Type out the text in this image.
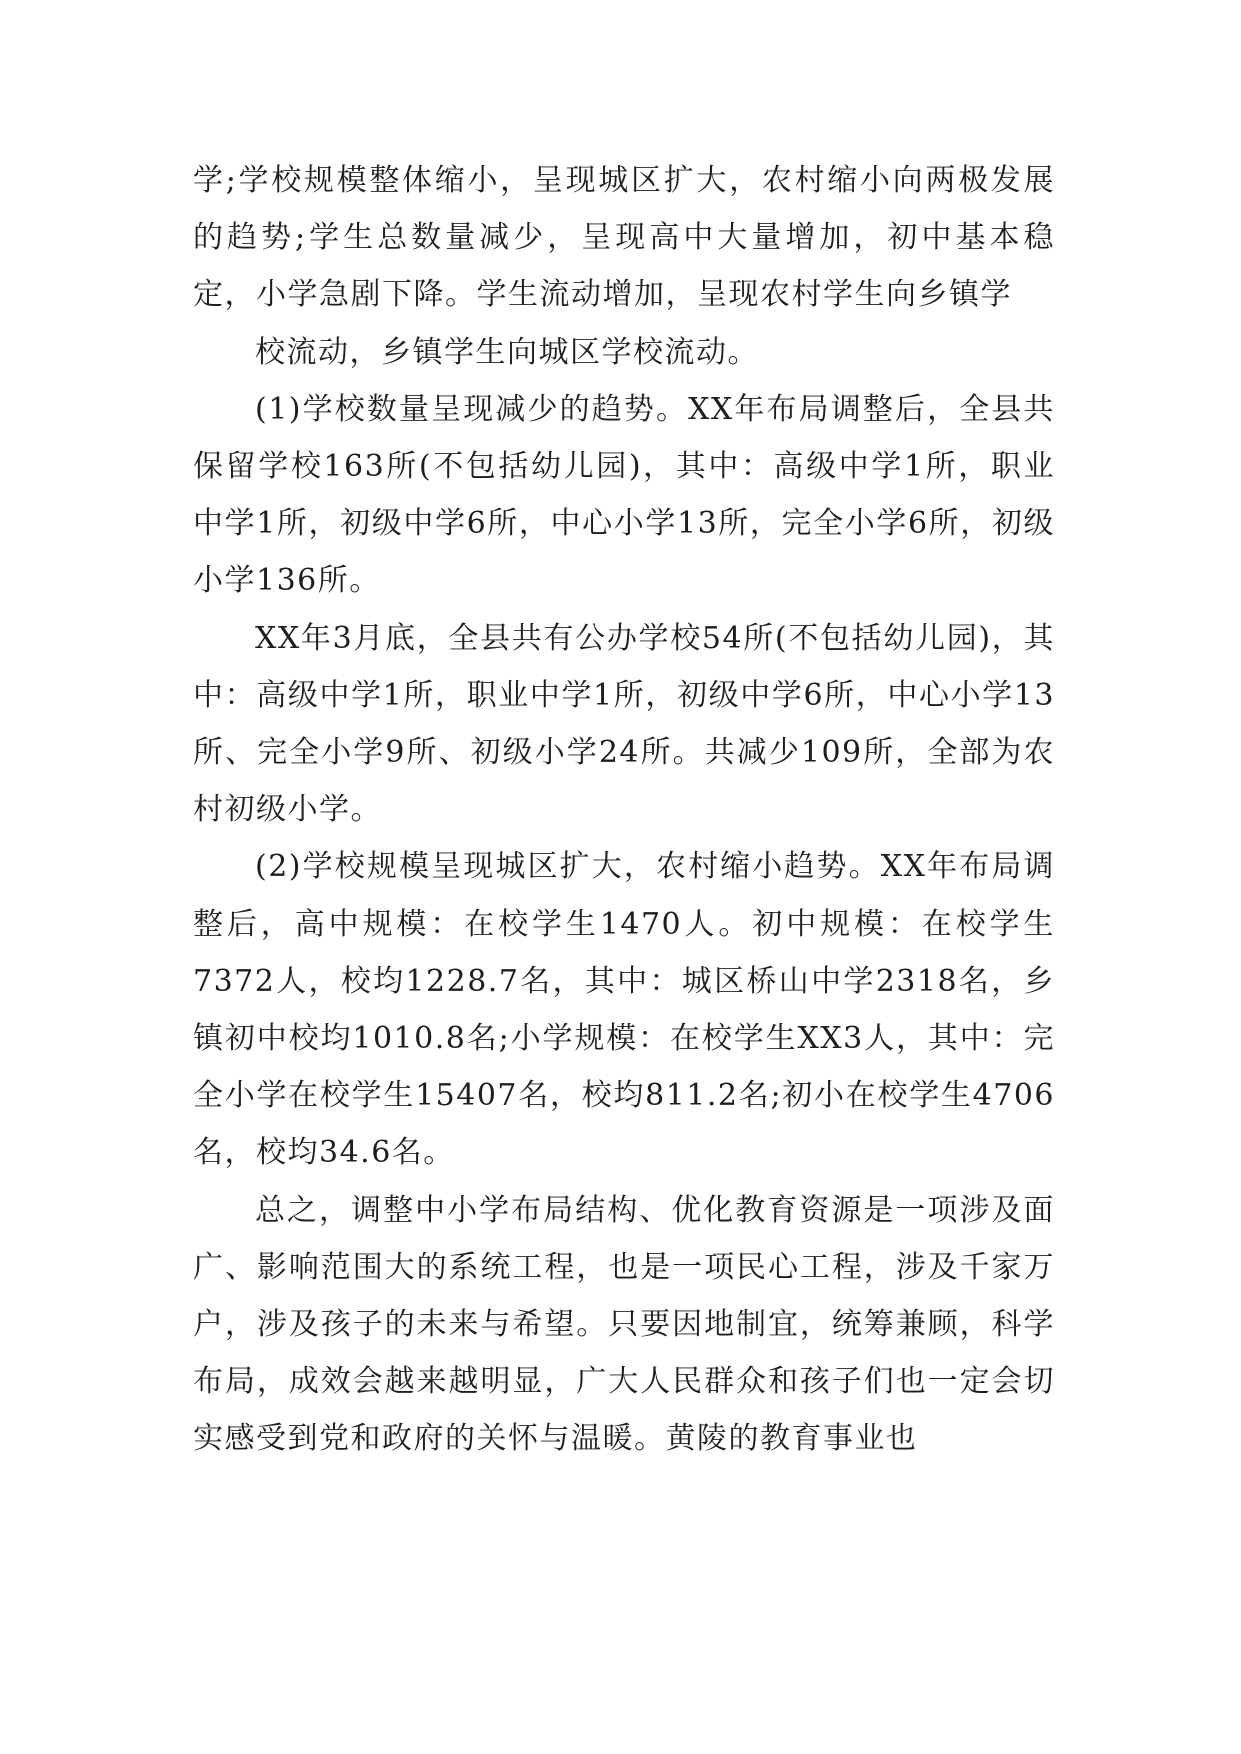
学;学校规模整体缩小，呈现城区扩大，农村缩小向两极发展的趋势;学生总数量减少，呈现高中大量增加，初中基本稳定，小学急剧下降。学生流动增加，呈现农村学生向乡镇学

校流动，乡镇学生向城区学校流动。

(1)学校数量呈现减少的趋势。XX年布局调整后，全县共保留学校163所(不包括幼儿园)，其中：高级中学1所，职业中学1所，初级中学6所，中心小学13所，完全小学6所，初级小学136所。

XX年3月底，全县共有公办学校54所(不包括幼儿园)，其中：高级中学1所，职业中学1所，初级中学6所，中心小学13所、完全小学9所、初级小学24所。共减少109所，全部为农村初级小学。

(2)学校规模呈现城区扩大，农村缩小趋势。XX年布局调整后，高中规模：在校学生1470人。初中规模：在校学生7372人，校均1228.7名，其中：城区桥山中学2318名，乡镇初中校均1010.8名;小学规模：在校学生XX3人，其中：完全小学在校学生15407名，校均811.2名;初小在校学生4706名，校均34.6名。

总之，调整中小学布局结构、优化教育资源是一项涉及面广、影响范围大的系统工程，也是一项民心工程，涉及千家万户，涉及孩子的未来与希望。只要因地制宜，统筹兼顾，科学布局，成效会越来越明显，广大人民群众和孩子们也一定会切实感受到党和政府的关怀与温暖。黄陵的教育事业也
